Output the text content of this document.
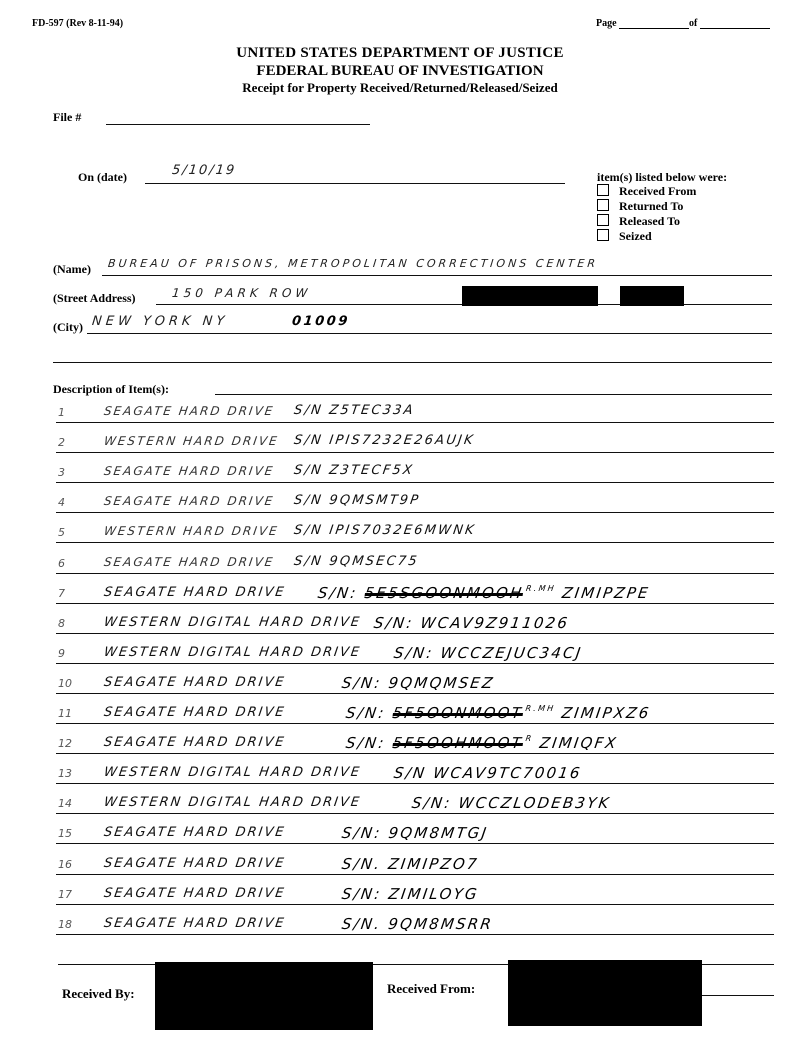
FD-597 (Rev 8-11-94)	Page	of
UNITED STATES DEPARTMENT OF JUSTICE
FEDERAL BUREAU OF INVESTIGATION
Receipt for Property Received/Returned/Released/Seized
File #
On (date)	5/10/19	item(s) listed below were:
Received From
Returned To
Released To
Seized
(Name) BUREAU OF PRISONS, METROPOLITAN CORRECTIONS CENTER
(Street Address)	150 PARK ROW
(City) NEW YORK NY	01009
Description of Item(s):
1	SEAGATE HARD DRIVE S/N Z5TEC33A
2	WESTERN HARD DRIVE S/N IPIS7232E26AUJK
3	SEAGATE HARD DRIVE S/N Z3TECF5X
4	SEAGATE HARD DRIVE S/N 9QMSMT9P
5	WESTERN HARD DRIVE S/N IPIS7032E6MWNK
6	SEAGATE HARD DRIVE S/N 9QMSEC75
7	SEAGATE HARD DRIVE S/N: $5E5SGOONMOOH^{R.MH}$ ZIMIPZPE
8	WESTERN DIGITAL HARD DRIVE S/N: WCAV9Z911026
9	WESTERN DIGITAL HARD DRIVE S/N: WCCZEJUC34CJ
10 SEAGATE HARD DRIVE	S/N: 9QMQMSEZ
11 SEAGATE HARD DRIVE	S/N: $5F5OONMOOT^{R.MH}$ ZIMIPXZ6
12 SEAGATE HARD DRIVE	S/N: $5F5OOHMOOT^R$ ZIMIQFX
13 WESTERN DIGITAL HARD DRIVE S/N WCAV9TC70016
14 WESTERN DIGITAL HARD DRIVE	S/N: WCCZLODEB3YK
15 SEAGATE HARD DRIVE	S/N: 9QM8MTGJ
16 SEAGATE HARD DRIVE	S/N. ZIMIPZO7
17 SEAGATE HARD DRIVE	S/N: ZIMILOYG
18 SEAGATE HARD DRIVE	S/N. 9QM8MSRR
Received By:	Received From:
